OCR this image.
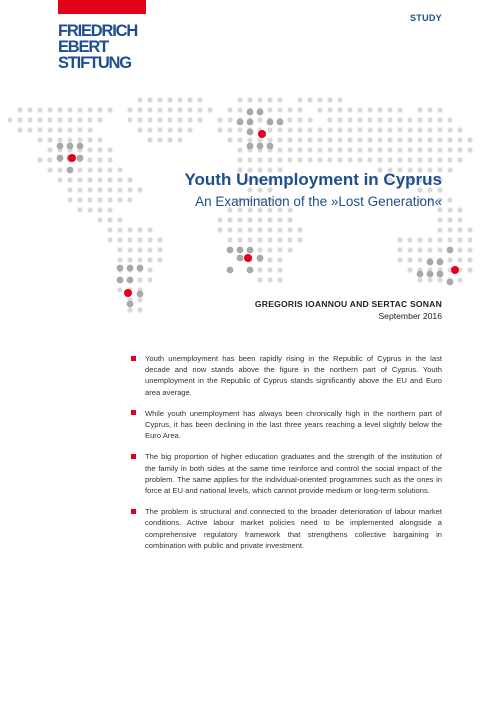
FRIEDRICH
EBERT
STIFTUNG
STUDY
Youth Unemployment in Cyprus
An Examination of the »Lost Generation«
GREGORIS IOANNOU AND SERTAC SONAN
September 2016
Youth unemployment has been rapidly rising in the Republic of Cyprus in the last decade and now stands above the figure in the northern part of Cyprus. Youth unemployment in the Republic of Cyprus stands significantly above the EU and Euro area average.
While youth unemployment has always been chronically high in the northern part of Cyprus, it has been declining in the last three years reaching a level slightly below the Euro Area.
The big proportion of higher education graduates and the strength of the institution of the family in both sides at the same time reinforce and control the social impact of the problem. The same applies for the individual-oriented programmes such as the ones in force at EU and national levels, which cannot provide medium or long-term solutions.
The problem is structural and connected to the broader deterioration of labour market conditions. Active labour market policies need to be implemented alongside a comprehensive regulatory framework that strengthens collective bargaining in combination with public and private investment.
